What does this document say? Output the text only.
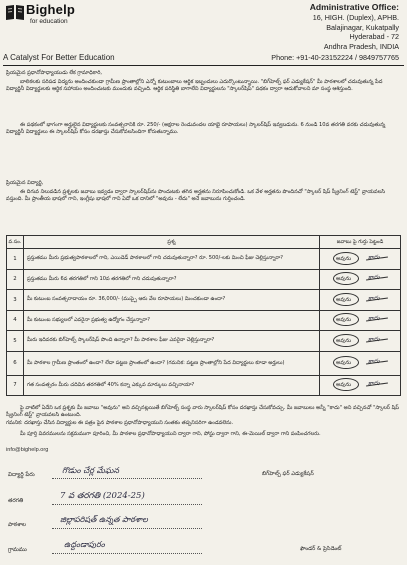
Bighelp
for education
A Catalyst For Better Education
Administrative Office:
16, HIGH. (Duplex), APHB.
Balajinagar, Kukatpally
Hyderabad - 72
Andhra Pradesh, INDIA
Phone: +91-40-23152224 / 9849757765
ప్రియమైన ప్రధానోపాధ్యాయుడు లేక గ్రామాధికారి,
బాలికలకు సరిపడ విద్యను అందించకుండా గ్రామీణ ప్రాంతాల్లోని ఎన్నో కుటుంబాలు ఆర్థిక ఇబ్బందులు ఎదుర్కొంటున్నాయి. "బిగ్‌హెల్ప్ ఫర్ ఎడ్యుకేషన్" మీ పాఠశాలలో చదువుతున్న పేద విద్యార్థినీ విద్యార్థులకు ఆర్థిక సహాయం అందించుటకు ముందుకు వచ్చింది. ఆర్థిక పరిస్థితి బాగాలేని విద్యార్థులను "స్కాలర్‌షిప్" పథకం ద్వారా ఆదుకోవాలని మా సంస్థ ఆశిస్తుంది.
ఈ పథకంలో భాగంగా అర్హులైన విద్యార్థులకు సంవత్సరానికి రూ. 250/- (అక్షరాల రెండువందల యాభై రూపాయలు) స్కాలర్‌షిప్ ఇవ్వబడును. 6 నుండి 10వ తరగతి వరకు చదువుతున్న విద్యార్థినీ విద్యార్థులు ఈ స్కాలర్‌షిప్‌ కోసం దరఖాస్తు చేసుకోవలసిందిగా కోరుతున్నాము.
ప్రియమైన విద్యార్థి,
ఈ దిగువ నిలువడిన ప్రశ్నలకు జవాబు ఇవ్వడం ద్వారా స్కాలర్‌షిప్‌ను పొందుటకు తగిన అర్హతను నిరూపించుకోండి. ఒక వేళ అర్హతను పొందినచో "స్కాలర్ షిప్ స్క్రీనింగ్ టెస్ట్" వ్రాయవలసి వస్తుంది. మీ ప్రాంతీయ భాషలో గాని, ఇంగ్లీషు భాషలో గాని ఏదో ఒక దానిలో "అవును - లేదు" అనే జవాబును గుర్తించండి.
వ.సం.	ప్రశ్న	జవాబు పై గుర్తు పెట్టండి
1	ప్రస్తుతము మీరు ప్రభుత్వపాఠశాలలో గాని, ఎయిడెడ్ పాఠశాలలో గాని చదువుతున్నారా? రూ. 500/-లకు మించి ఫీజు చెల్లిస్తున్నారా?	అవును కాదు

2	ప్రస్తుతము మీరు 6వ తరగతిలో గాని 10వ తరగతిలో గాని చదువుతున్నారా?	అవును కాదు

3	మీ కుటుంబ సంవత్సరాదాయం రూ. 36,000/- (ముప్పై ఆరు వేల రూపాయలు) మించకుండా ఉందా?	అవును కాదు

4	మీ కుటుంబ సభ్యులలో ఎవరైనా ప్రభుత్వ ఉద్యోగం చేస్తున్నారా?	అవును కాదు

5	మీరు ఇదివరకు బిగ్‌హెల్ప్ స్కాలర్‌షిప్ పొంది ఉన్నారా? మీ పాఠశాల ఫీజు ఎవరైనా చెల్లిస్తున్నారా?	అవును కాదు

6	మీ పాఠశాల గ్రామీణ ప్రాంతంలో ఉందా? లేదా పట్టణ ప్రాంతంలో ఉందా? (గమనిక: పట్టణ ప్రాంతాల్లోని పేద విద్యార్థులు కూడా అర్హులు)	అవును కాదు

7	గత సంవత్సరం మీరు చదివిన తరగతిలో 40% కన్నా ఎక్కువ మార్కులు వచ్చినాయా?	అవును కాదు
పై వాటిలో ఏదేని ఒక ప్రశ్నకు మీ జవాబు "అవును" అని వచ్చినట్లయితే బిగ్‌హెల్ప్ సంస్థ వారు స్కాలర్‌షిప్ కోసం దరఖాస్తు చేసుకోవచ్చు. మీ జవాబులు అన్నీ "కాదు" అని వచ్చినచో "స్కాలర్ షిప్ స్క్రీనింగ్ టెస్ట్" వ్రాయవలసి ఉంటుంది.
గమనిక: దరఖాస్తు చేసిన విద్యార్థుల ఈ పత్రం పైన పాఠశాల ప్రధానోపాధ్యాయుని సంతకం తప్పనిసరిగా ఉండవలెను.
మీ పూర్తి వివరములను సక్రమముగా పూరించి, మీ పాఠశాల ప్రధానోపాధ్యాయుని ద్వారా గాని, పోస్టు ద్వారా గాని, ఈ-మెయిల్ ద్వారా గాని పంపించగలరు.
info@bighelp.org
విద్యార్థి పేరు	గొడుం చేర్ల మేఘన
తరగతి	7 వ తరగతి (2024-25)
పాఠశాల
జిల్లాపరిషత్ ఉన్నత పాఠశాల
గ్రామము
ఉద్దండాపురం
బిగ్‌హెల్ప్ ఫర్ ఎడ్యుకేషన్
ఫౌండర్ & ప్రెసిడెంట్
